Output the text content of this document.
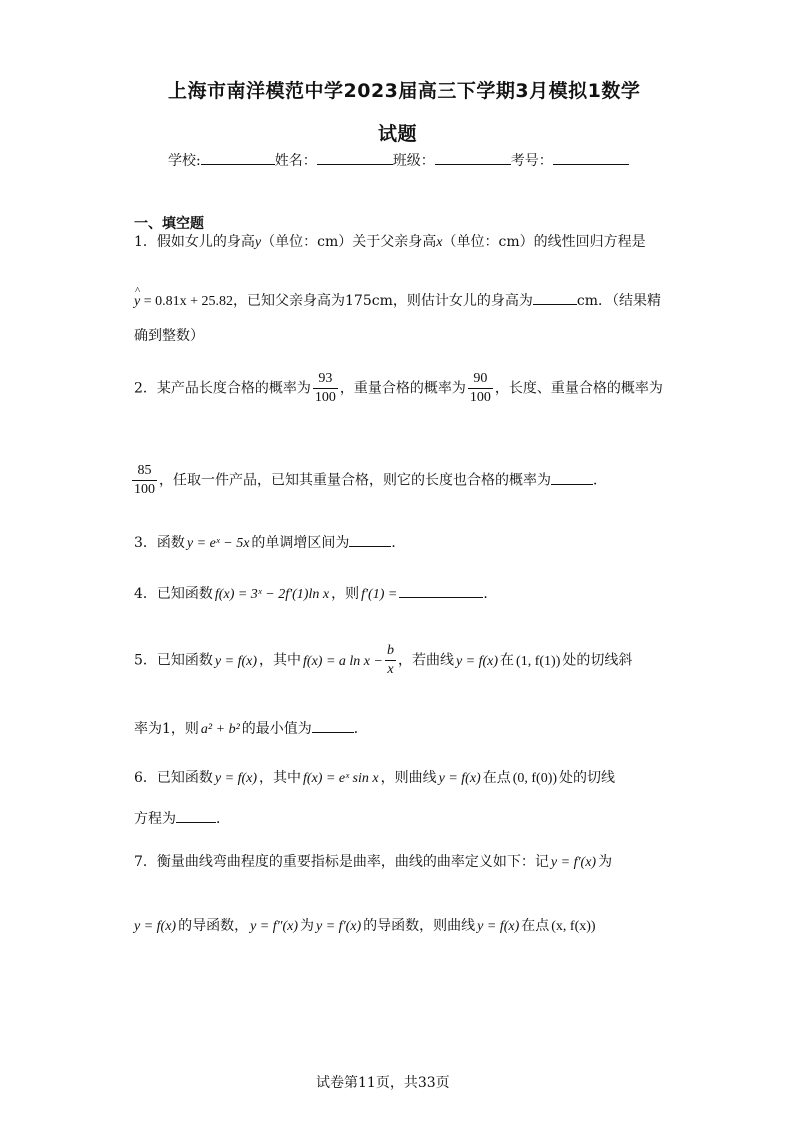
上海市南洋模范中学2023届高三下学期3月模拟1数学
试题
学校:	姓名：	班级：	考号：
一、填空题
1．假如女儿的身高y（单位：cm）关于父亲身高x（单位：cm）的线性回归方程是
^ y = 0.81x + 25.82，已知父亲身高为175cm，则估计女儿的身高为	cm．（结果精
确到整数）
2．某产品长度合格的概率为 $\frac{93}{100}$ ，重量合格的概率为 $\frac{90}{100}$ ，长度、重量合格的概率为
$\frac{85}{100}$ ，任取一件产品，已知其重量合格，则它的长度也合格的概率为	．
3．函数 y = eˣ − 5x 的单调增区间为	．
4．已知函数 f(x) = 3ˣ − 2f′(1)ln x ，则 f′(1) =	．
5．已知函数 y = f(x) ，其中 f(x) = a $\ln x - \frac{b}{x}$ ，若曲线 y = f(x) 在 (1, f(1)) 处的切线斜
率为1，则 a² + b² 的最小值为	．
6．已知函数 y = f(x) ，其中 f(x) = eˣ sin x ，则曲线 y = f(x) 在点 (0, f(0)) 处的切线
方程为	．
7．衡量曲线弯曲程度的重要指标是曲率，曲线的曲率定义如下：记 y = f′(x) 为
y = f(x) 的导函数， y = f″(x) 为 y = f′(x) 的导函数，则曲线 y = f(x) 在点 (x, f(x))
试卷第11页，共33页
